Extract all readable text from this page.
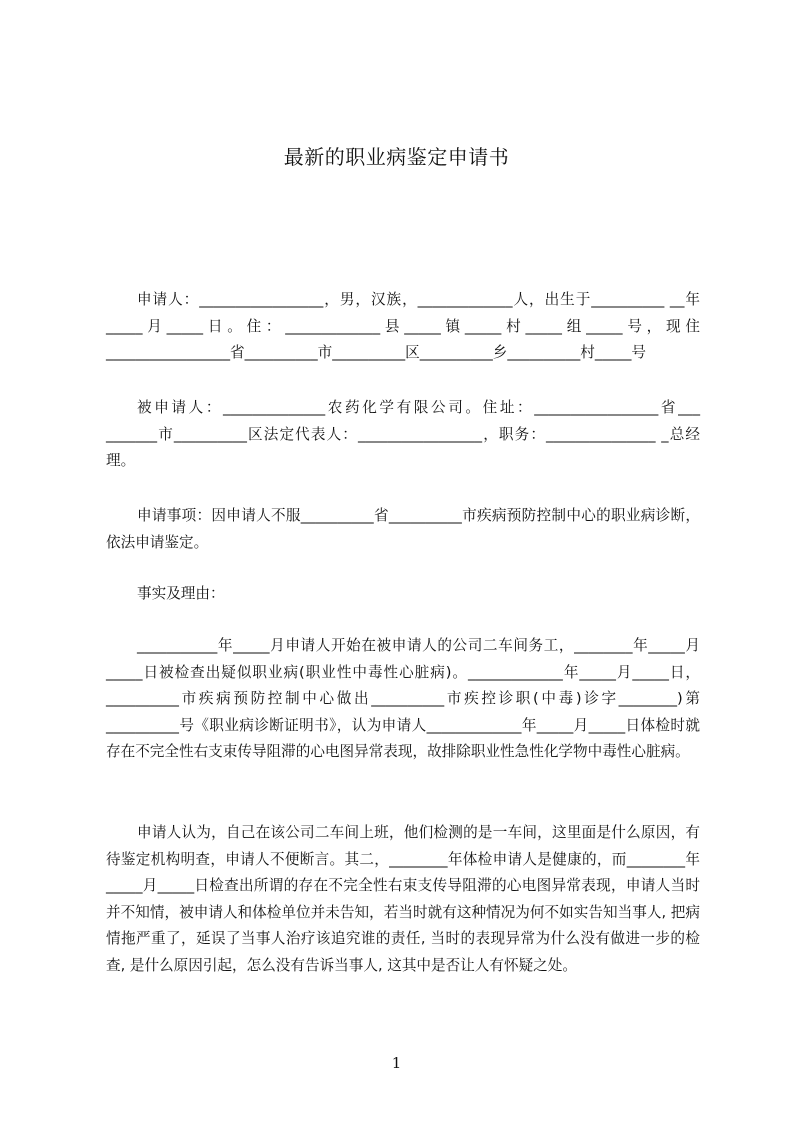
最新的职业病鉴定申请书

申请人：_________________，男，汉族，_____________人，出生于__________ __年_____月_____日。住：_____________县_____镇_____村_____组_____号，现住_________________省__________市__________区__________乡__________村_____号

被申请人：______________农药化学有限公司。住址：_________________省___ _______市__________区法定代表人：_________________，职务：_______________ _总经理。

申请事项：因申请人不服__________省__________市疾病预防控制中心的职业病诊断，依法申请鉴定。

事实及理由：

___________年_____月申请人开始在被申请人的公司二车间务工，________年_____月_____日被检查出疑似职业病(职业性中毒性心脏病)。_____________年_____月_____日，__________市疾病预防控制中心做出__________市疾控诊职(中毒)诊字________)第__________号《职业病诊断证明书》，认为申请人_____________年_____月_____日体检时就存在不完全性右支束传导阻滞的心电图异常表现，故排除职业性急性化学物中毒性心脏病。

申请人认为，自己在该公司二车间上班，他们检测的是一车间，这里面是什么原因，有待鉴定机构明查，申请人不便断言。其二，________年体检申请人是健康的，而________年_____月_____日检查出所谓的存在不完全性右束支传导阻滞的心电图异常表现，申请人当时并不知情，被申请人和体检单位并未告知，若当时就有这种情况为何不如实告知当事人, 把病情拖严重了，延误了当事人治疗该追究谁的责任, 当时的表现异常为什么没有做进一步的检查, 是什么原因引起，怎么没有告诉当事人, 这其中是否让人有怀疑之处。

1
